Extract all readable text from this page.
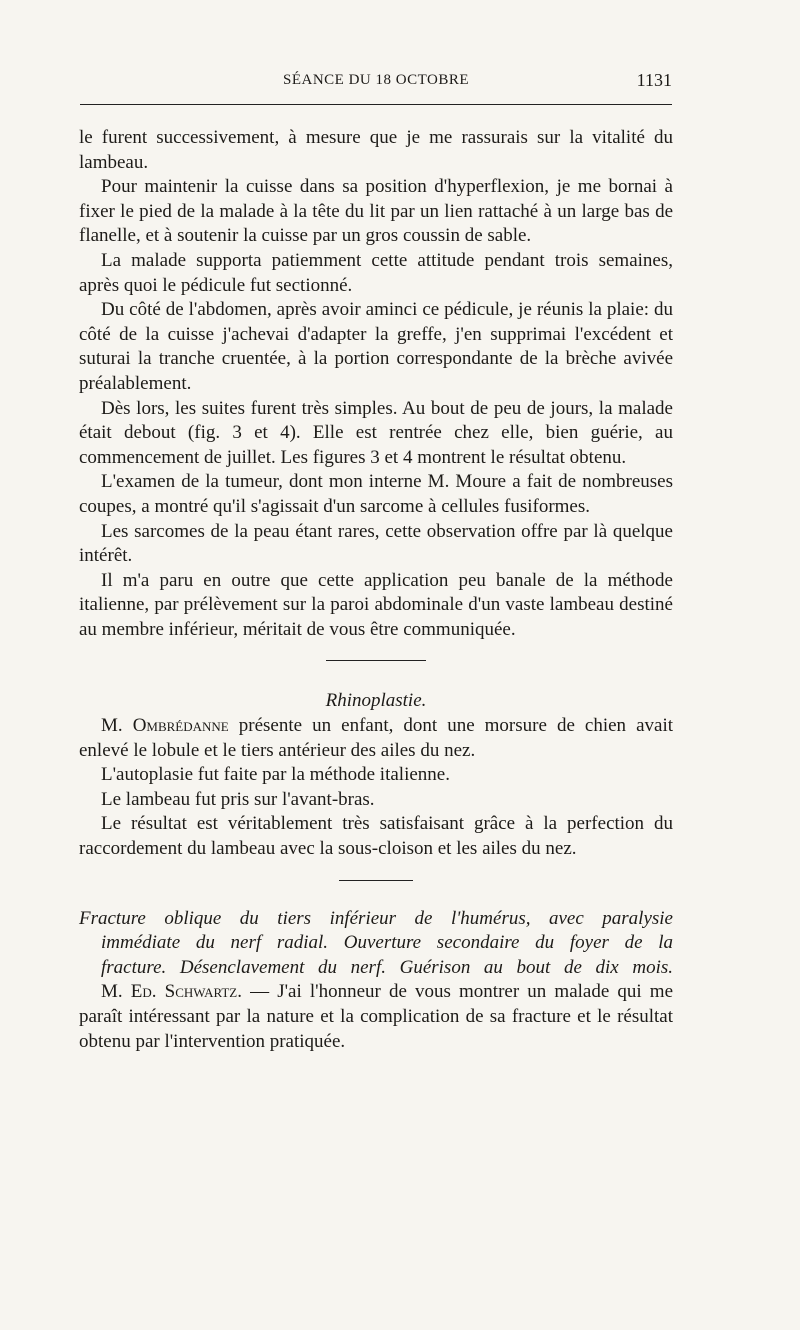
SÉANCE DU 18 OCTOBRE	1131

le furent successivement, à mesure que je me rassurais sur la vitalité du lambeau.

Pour maintenir la cuisse dans sa position d'hyperflexion, je me bornai à fixer le pied de la malade à la tête du lit par un lien rattaché à un large bas de flanelle, et à soutenir la cuisse par un gros coussin de sable.

La malade supporta patiemment cette attitude pendant trois semaines, après quoi le pédicule fut sectionné.

Du côté de l'abdomen, après avoir aminci ce pédicule, je réunis la plaie: du côté de la cuisse j'achevai d'adapter la greffe, j'en supprimai l'excédent et suturai la tranche cruentée, à la portion correspondante de la brèche avivée préalablement.

Dès lors, les suites furent très simples. Au bout de peu de jours, la malade était debout (fig. 3 et 4). Elle est rentrée chez elle, bien guérie, au commencement de juillet. Les figures 3 et 4 montrent le résultat obtenu.

L'examen de la tumeur, dont mon interne M. Moure a fait de nombreuses coupes, a montré qu'il s'agissait d'un sarcome à cellules fusiformes.

Les sarcomes de la peau étant rares, cette observation offre par là quelque intérêt.

Il m'a paru en outre que cette application peu banale de la méthode italienne, par prélèvement sur la paroi abdominale d'un vaste lambeau destiné au membre inférieur, méritait de vous être communiquée.

Rhinoplastie.

M. Ombrédanne présente un enfant, dont une morsure de chien avait enlevé le lobule et le tiers antérieur des ailes du nez.

L'autoplasie fut faite par la méthode italienne.

Le lambeau fut pris sur l'avant-bras.

Le résultat est véritablement très satisfaisant grâce à la perfection du raccordement du lambeau avec la sous-cloison et les ailes du nez.

Fracture oblique du tiers inférieur de l'humérus, avec paralysie
immédiate du nerf radial. Ouverture secondaire du foyer de la
fracture. Désenclavement du nerf. Guérison au bout de dix mois.

M. Ed. Schwartz. — J'ai l'honneur de vous montrer un malade qui me paraît intéressant par la nature et la complication de sa fracture et le résultat obtenu par l'intervention pratiquée.
